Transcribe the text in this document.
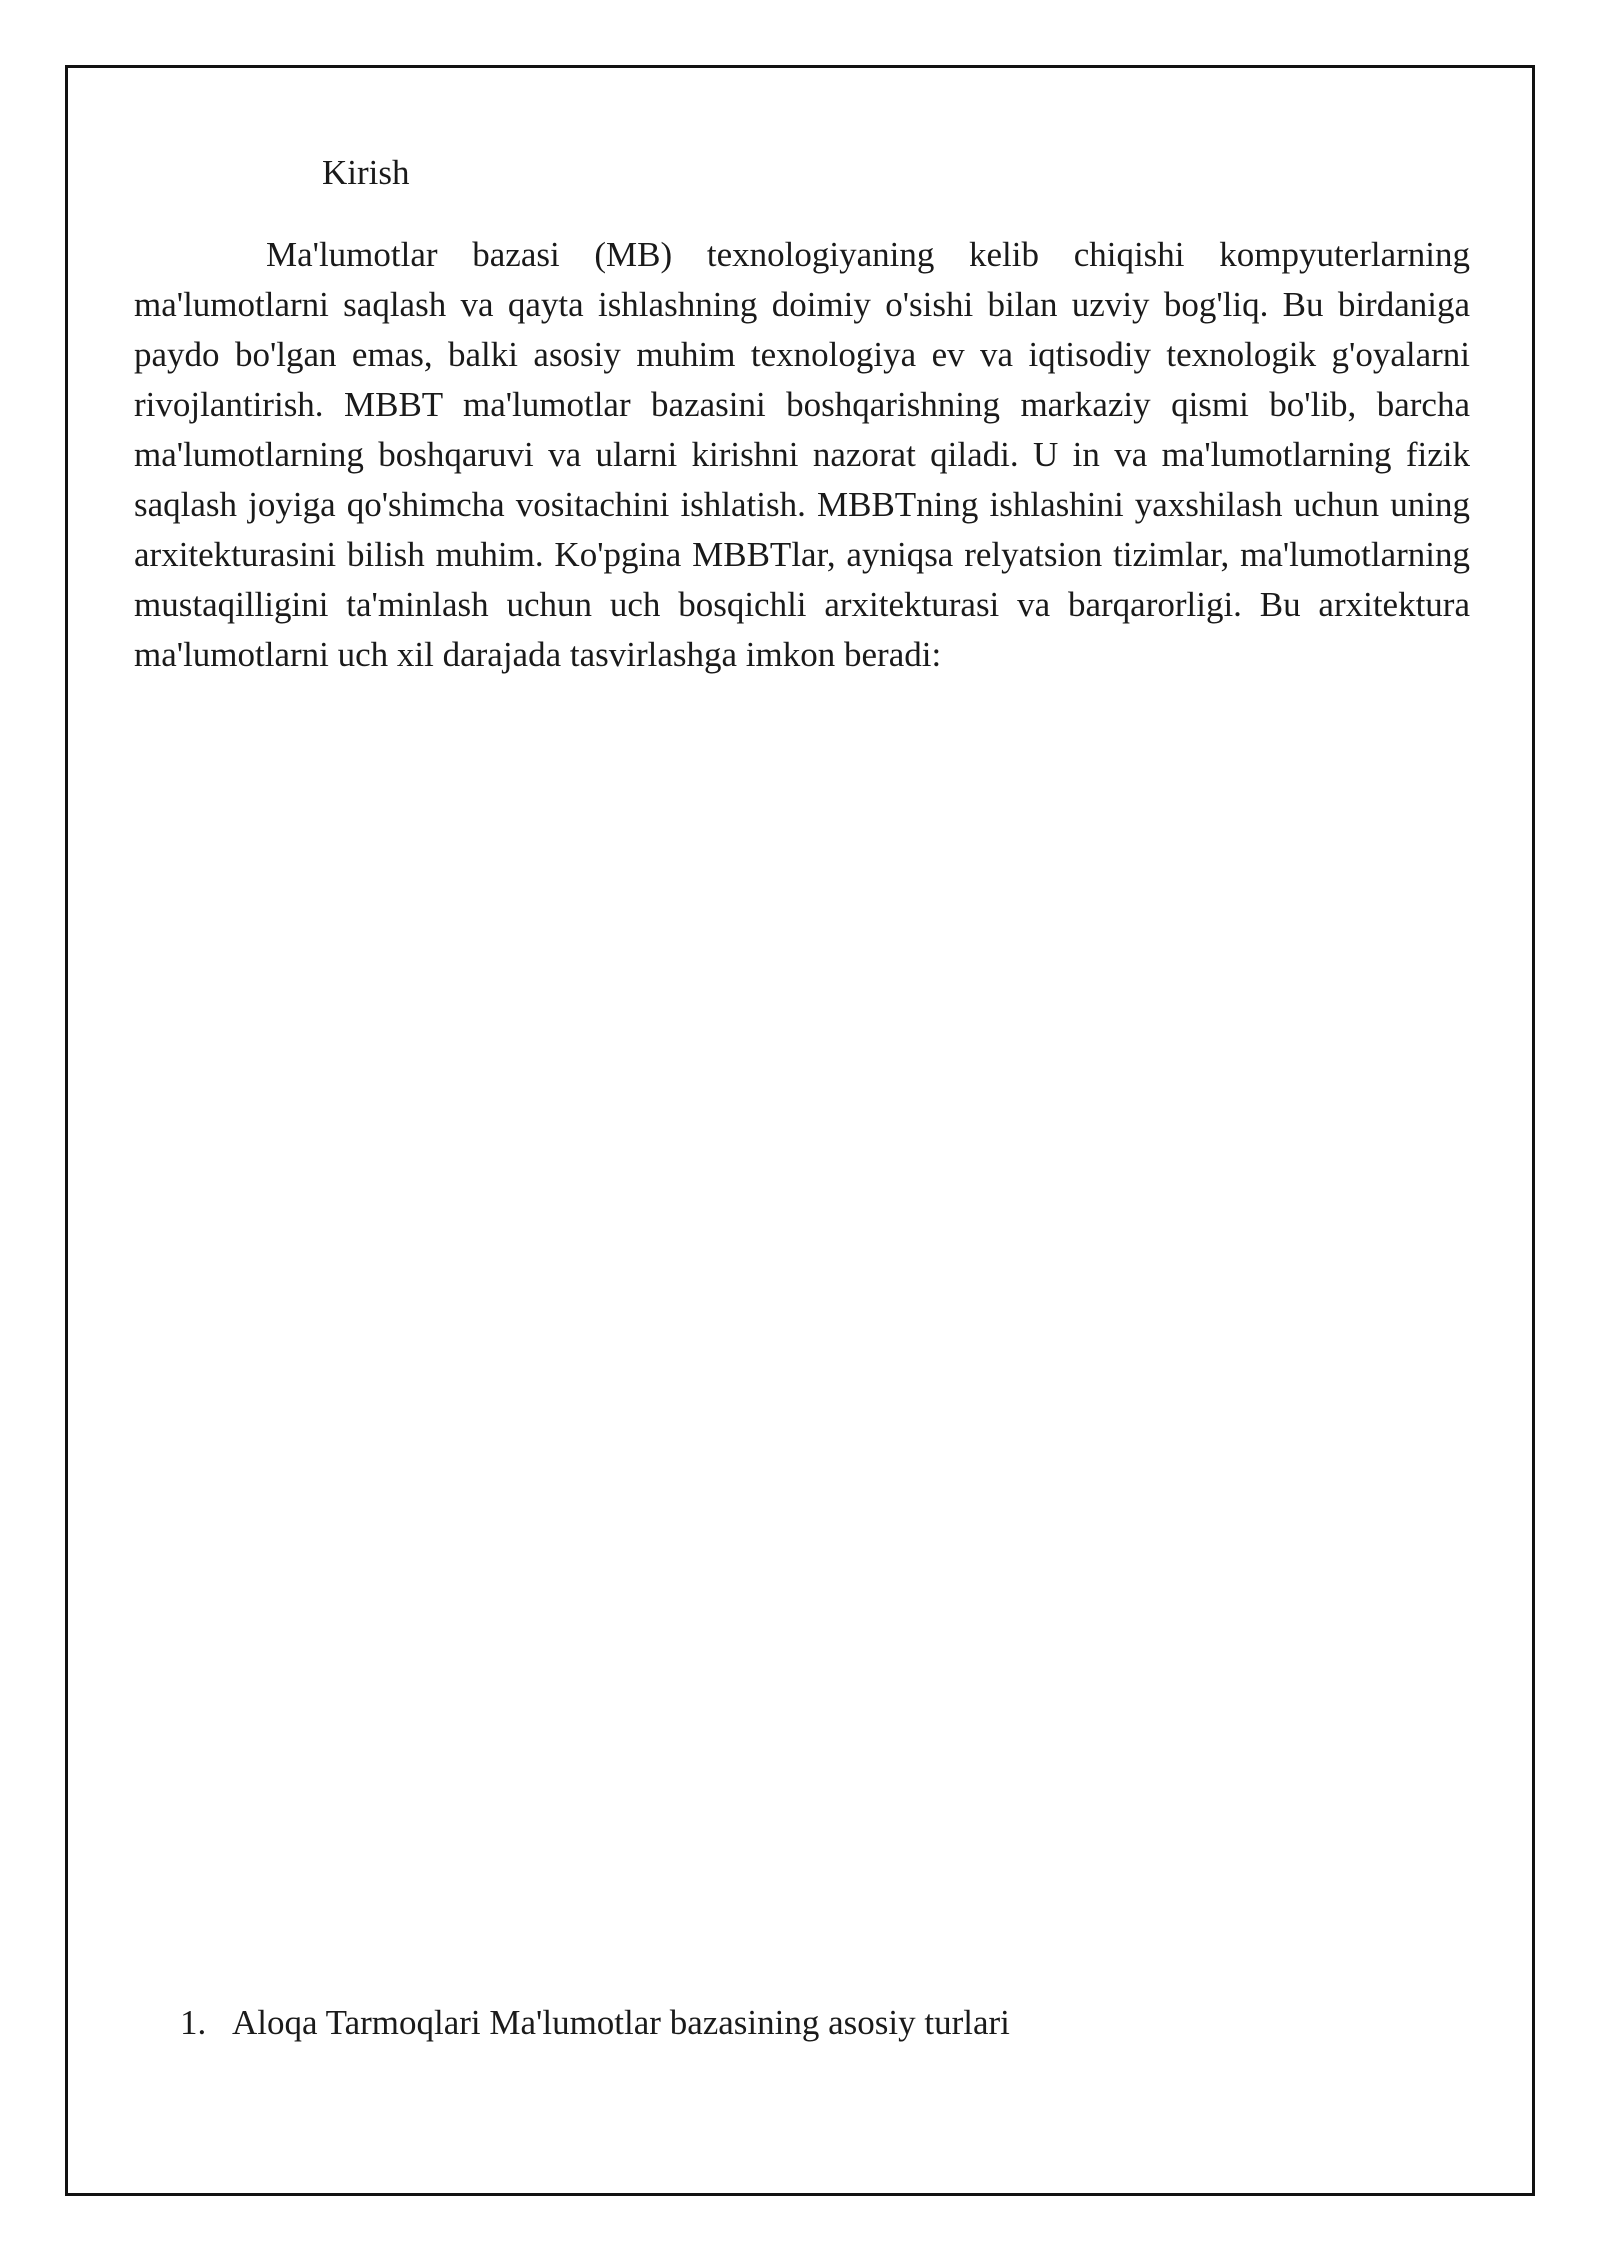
Kirish

Ma'lumotlar bazasi (MB) texnologiyaning kelib chiqishi kompyuterlarning ma'lumotlarni saqlash va qayta ishlashning doimiy o'sishi bilan uzviy bog'liq. Bu birdaniga paydo bo'lgan emas, balki asosiy muhim texnologiya ev va iqtisodiy texnologik g'oyalarni rivojlantirish. MBBT ma'lumotlar bazasini boshqarishning markaziy qismi bo'lib, barcha ma'lumotlarning boshqaruvi va ularni kirishni nazorat qiladi. U in va ma'lumotlarning fizik saqlash joyiga qo'shimcha vositachini ishlatish. MBBTning ishlashini yaxshilash uchun uning arxitekturasini bilish muhim. Ko'pgina MBBTlar, ayniqsa relyatsion tizimlar, ma'lumotlarning mustaqilligini ta'minlash uchun uch bosqichli arxitekturasi va barqarorligi. Bu arxitektura ma'lumotlarni uch xil darajada tasvirlashga imkon beradi:

1. Aloqa Tarmoqlari Ma'lumotlar bazasining asosiy turlari
